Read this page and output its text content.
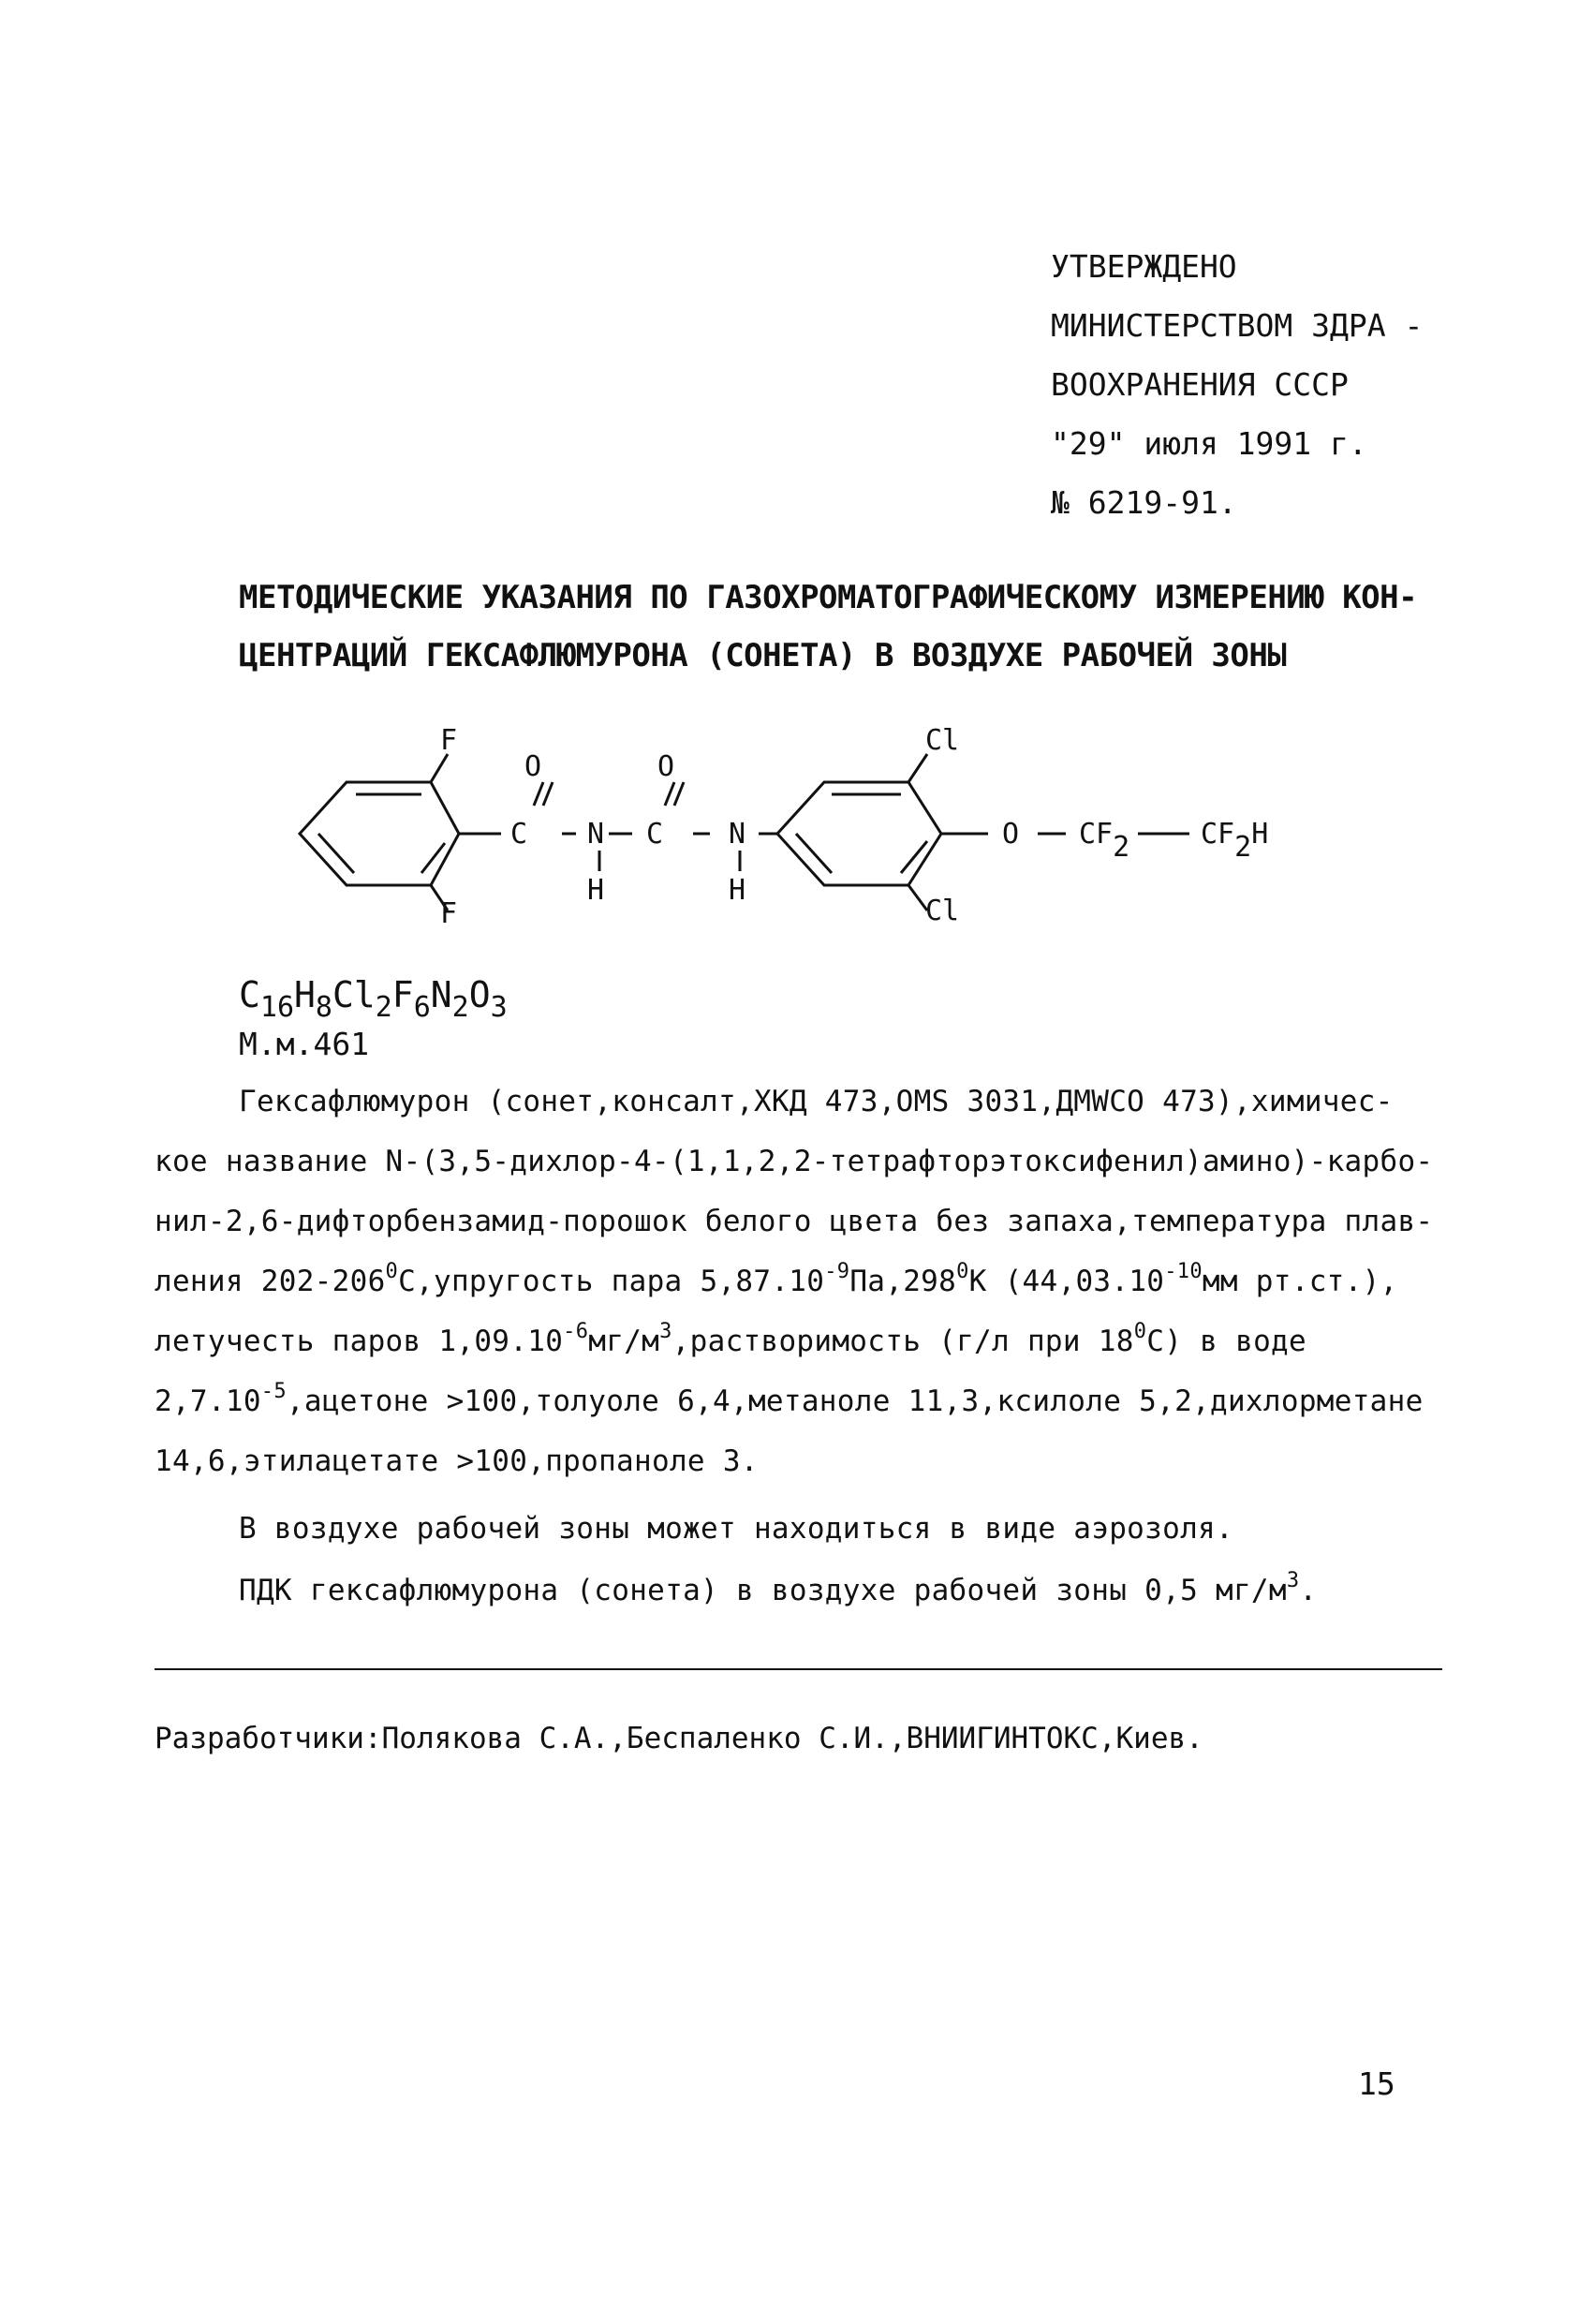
УТВЕРЖДЕНО
МИНИСТЕРСТВОМ ЗДРА -
ВООХРАНЕНИЯ СССР
"29" июля 1991 г.
№ 6219-91.
МЕТОДИЧЕСКИЕ УКАЗАНИЯ ПО ГАЗОХРОМАТОГРАФИЧЕСКОМУ ИЗМЕРЕНИЮ КОН-
ЦЕНТРАЦИЙ ГЕКСАФЛЮМУРОНА (СОНЕТА) В ВОЗДУХЕ РАБОЧЕЙ ЗОНЫ
F
F
O	O
C N C N
H	H
Cl
Cl
O CF2	CF2H
$C_{16}H_8Cl_2F_6N_2O_3$
М.м.461
Гексафлюмурон (сонет,консалт,ХКД 473,OMS 3031,ДМWCO 473),химичес-
кое название N-(3,5-дихлор-4-(1,1,2,2-тетрафторэтоксифенил)амино)-карбо-
нил-2,6-дифторбензамид-порошок белого цвета без запаха,температура плав-
ления $202-206^0С,упругость$ пара $5,87.10^{-9}Па,298^0К$ ($44,03.10^{-10}мм$ рт.ст.),
летучесть паров $1,09.10^{-6}мг/м^3,растворимость$ (г/л при $18^0С$) в воде
$2,7.10^{-5},ацетоне$ >100,толуоле 6,4,метаноле 11,3,ксилоле 5,2,дихлорметане
14,6,этилацетате >100,пропаноле 3.
В воздухе рабочей зоны может находиться в виде аэрозоля.
ПДК гексафлюмурона (сонета) в воздухе рабочей зоны 0,5 $мг/м^3$.
Разработчики:Полякова С.А.,Беспаленко С.И.,ВНИИГИНТОКС,Киев.
15
